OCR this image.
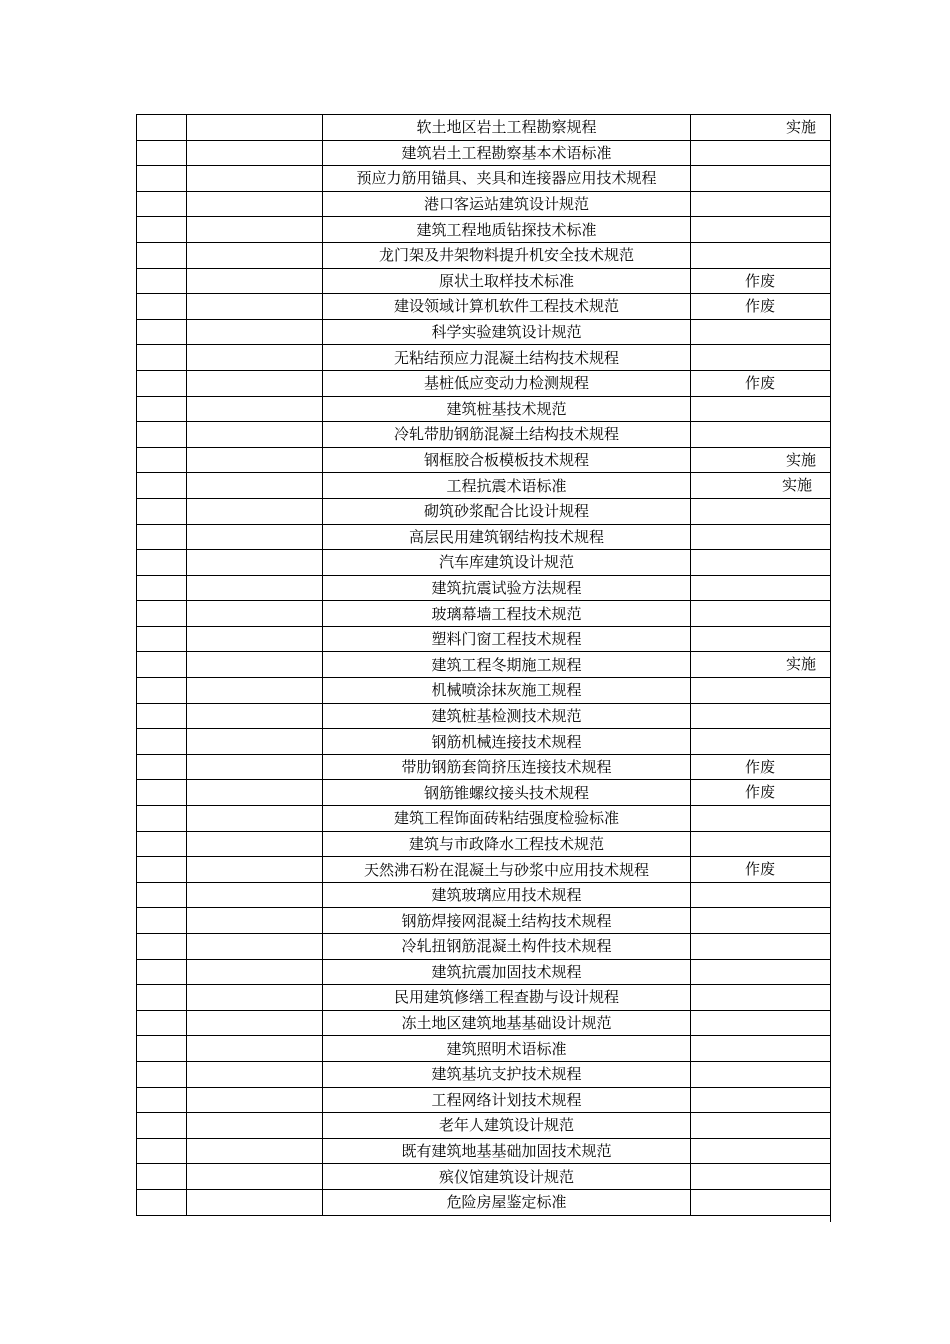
		软土地区岩土工程勘察规程	实施

		建筑岩土工程勘察基本术语标准	
		预应力筋用锚具、夹具和连接器应用技术规程	
		港口客运站建筑设计规范	
		建筑工程地质钻探技术标准	
		龙门架及井架物料提升机安全技术规范	
		原状土取样技术标准	作废

		建设领域计算机软件工程技术规范	作废

		科学实验建筑设计规范	
		无粘结预应力混凝土结构技术规程	
		基桩低应变动力检测规程	作废

		建筑桩基技术规范	
		冷轧带肋钢筋混凝土结构技术规程	
		钢框胶合板模板技术规程	实施

		工程抗震术语标准	实施

		砌筑砂浆配合比设计规程	
		高层民用建筑钢结构技术规程	
		汽车库建筑设计规范	
		建筑抗震试验方法规程	
		玻璃幕墙工程技术规范	
		塑料门窗工程技术规程	
		建筑工程冬期施工规程	实施

		机械喷涂抹灰施工规程	
		建筑桩基检测技术规范	
		钢筋机械连接技术规程	
		带肋钢筋套筒挤压连接技术规程	作废

		钢筋锥螺纹接头技术规程	作废

		建筑工程饰面砖粘结强度检验标准	
		建筑与市政降水工程技术规范	
		天然沸石粉在混凝土与砂浆中应用技术规程	作废

		建筑玻璃应用技术规程	
		钢筋焊接网混凝土结构技术规程	
		冷轧扭钢筋混凝土构件技术规程	
		建筑抗震加固技术规程	
		民用建筑修缮工程查勘与设计规程	
		冻土地区建筑地基基础设计规范	
		建筑照明术语标准	
		建筑基坑支护技术规程	
		工程网络计划技术规程	
		老年人建筑设计规范	
		既有建筑地基基础加固技术规范	
		殡仪馆建筑设计规范	
		危险房屋鉴定标准	
